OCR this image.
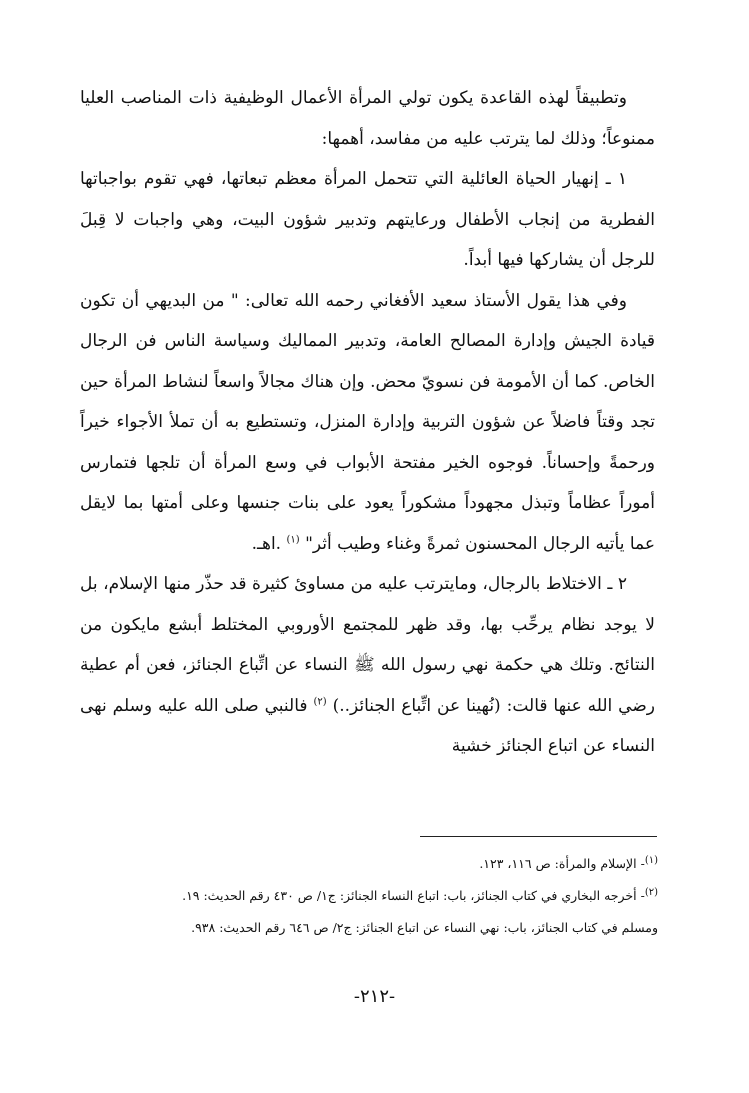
وتطبيقاً لهذه القاعدة يكون تولي المرأة الأعمال الوظيفية ذات المناصب العليا ممنوعاً؛ وذلك لما يترتب عليه من مفاسد، أهمها:

١ ـ إنهيار الحياة العائلية التي تتحمل المرأة معظم تبعاتها، فهي تقوم بواجباتها الفطرية من إنجاب الأطفال ورعايتهم وتدبير شؤون البيت، وهي واجبات لا قِبلَ للرجل أن يشاركها فيها أبداً.

وفي هذا يقول الأستاذ سعيد الأفغاني رحمه الله تعالى: " من البديهي أن تكون قيادة الجيش وإدارة المصالح العامة، وتدبير المماليك وسياسة الناس فن الرجال الخاص. كما أن الأمومة فن نسويّ محض. وإن هناك مجالاً واسعاً لنشاط المرأة حين تجد وقتاً فاضلاً عن شؤون التربية وإدارة المنزل، وتستطيع به أن تملأ الأجواء خيراً ورحمةً وإحساناً. فوجوه الخير مفتحة الأبواب في وسع المرأة أن تلجها فتمارس أموراً عظاماً وتبذل مجهوداً مشكوراً يعود على بنات جنسها وعلى أمتها بما لايقل عما يأتيه الرجال المحسنون ثمرةً وغناء وطيب أثر" $^{(١)}$ .اهـ.

٢ ـ الاختلاط بالرجال، ومايترتب عليه من مساوئ كثيرة قد حذّر منها الإسلام، بل لا يوجد نظام يرحِّب بها، وقد ظهر للمجتمع الأوروبي المختلط أبشع مايكون من النتائج. وتلك هي حكمة نهي رسول الله ﷺ النساء عن اتِّباع الجنائز، فعن أم عطية رضي الله عنها قالت: (نُهينا عن اتِّباع الجنائز..) $^{(٢)}$ فالنبي صلى الله عليه وسلم نهى النساء عن اتباع الجنائز خشية

$^{(١)}$- الإسلام والمرأة: ص ١١٦، ١٢٣.

$^{(٢)}$- أخرجه البخاري في كتاب الجنائز، باب: اتباع النساء الجنائز: ج١/ ص ٤٣٠ رقم الحديث: ١٩.

ومسلم في كتاب الجنائز، باب: نهي النساء عن اتباع الجنائز: ج٢/ ص ٦٤٦ رقم الحديث: ٩٣٨.

-٢١٢-
